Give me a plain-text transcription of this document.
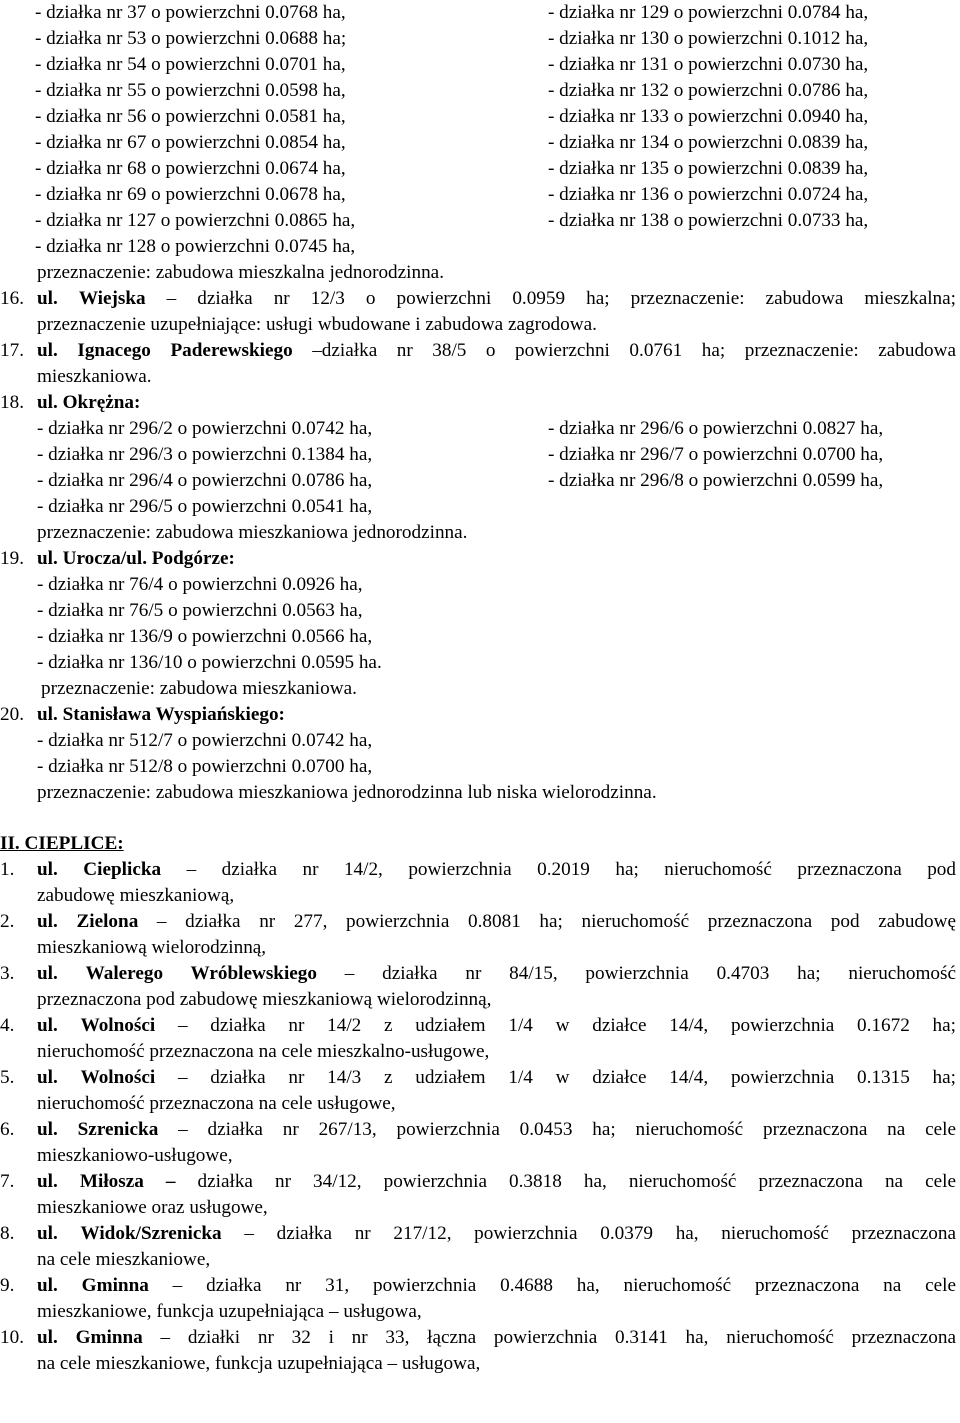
- działka nr 37 o powierzchni 0.0768 ha,	- działka nr 129 o powierzchni 0.0784 ha,
- działka nr 53 o powierzchni 0.0688 ha;	- działka nr 130 o powierzchni 0.1012 ha,
- działka nr 54 o powierzchni 0.0701 ha,	- działka nr 131 o powierzchni 0.0730 ha,
- działka nr 55 o powierzchni 0.0598 ha,	- działka nr 132 o powierzchni 0.0786 ha,
- działka nr 56 o powierzchni 0.0581 ha,	- działka nr 133 o powierzchni 0.0940 ha,
- działka nr 67 o powierzchni 0.0854 ha,	- działka nr 134 o powierzchni 0.0839 ha,
- działka nr 68 o powierzchni 0.0674 ha,	- działka nr 135 o powierzchni 0.0839 ha,
- działka nr 69 o powierzchni 0.0678 ha,	- działka nr 136 o powierzchni 0.0724 ha,
- działka nr 127 o powierzchni 0.0865 ha,	- działka nr 138 o powierzchni 0.0733 ha,
- działka nr 128 o powierzchni 0.0745 ha,
przeznaczenie: zabudowa mieszkalna jednorodzinna.
16. ul. Wiejska – działka nr 12/3 o powierzchni 0.0959 ha; przeznaczenie: zabudowa mieszkalna;
przeznaczenie uzupełniające: usługi wbudowane i zabudowa zagrodowa.
17. ul. Ignacego Paderewskiego –działka nr 38/5 o powierzchni 0.0761 ha; przeznaczenie: zabudowa
mieszkaniowa.
18. ul. Okrężna:
- działka nr 296/2 o powierzchni 0.0742 ha,	- działka nr 296/6 o powierzchni 0.0827 ha,
- działka nr 296/3 o powierzchni 0.1384 ha,	- działka nr 296/7 o powierzchni 0.0700 ha,
- działka nr 296/4 o powierzchni 0.0786 ha,	- działka nr 296/8 o powierzchni 0.0599 ha,
- działka nr 296/5 o powierzchni 0.0541 ha,
przeznaczenie: zabudowa mieszkaniowa jednorodzinna.
19. ul. Urocza/ul. Podgórze:
- działka nr 76/4 o powierzchni 0.0926 ha,
- działka nr 76/5 o powierzchni 0.0563 ha,
- działka nr 136/9 o powierzchni 0.0566 ha,
- działka nr 136/10 o powierzchni 0.0595 ha.
przeznaczenie: zabudowa mieszkaniowa.
20. ul. Stanisława Wyspiańskiego:
- działka nr 512/7 o powierzchni 0.0742 ha,
- działka nr 512/8 o powierzchni 0.0700 ha,
przeznaczenie: zabudowa mieszkaniowa jednorodzinna lub niska wielorodzinna.
II. CIEPLICE:
1. ul. Cieplicka – działka nr 14/2, powierzchnia 0.2019 ha; nieruchomość przeznaczona pod
zabudowę mieszkaniową,
2. ul. Zielona – działka nr 277, powierzchnia 0.8081 ha; nieruchomość przeznaczona pod zabudowę
mieszkaniową wielorodzinną,
3. ul. Walerego Wróblewskiego – działka nr 84/15, powierzchnia 0.4703 ha; nieruchomość
przeznaczona pod zabudowę mieszkaniową wielorodzinną,
4. ul. Wolności – działka nr 14/2 z udziałem 1/4 w działce 14/4, powierzchnia 0.1672 ha;
nieruchomość przeznaczona na cele mieszkalno-usługowe,
5. ul. Wolności – działka nr 14/3 z udziałem 1/4 w działce 14/4, powierzchnia 0.1315 ha;
nieruchomość przeznaczona na cele usługowe,
6. ul. Szrenicka – działka nr 267/13, powierzchnia 0.0453 ha; nieruchomość przeznaczona na cele
mieszkaniowo-usługowe,
7. ul. Miłosza – działka nr 34/12, powierzchnia 0.3818 ha, nieruchomość przeznaczona na cele
mieszkaniowe oraz usługowe,
8. ul. Widok/Szrenicka – działka nr 217/12, powierzchnia 0.0379 ha, nieruchomość przeznaczona
na cele mieszkaniowe,
9. ul. Gminna – działka nr 31, powierzchnia 0.4688 ha, nieruchomość przeznaczona na cele
mieszkaniowe, funkcja uzupełniająca – usługowa,
10. ul. Gminna – działki nr 32 i nr 33, łączna powierzchnia 0.3141 ha, nieruchomość przeznaczona
na cele mieszkaniowe, funkcja uzupełniająca – usługowa,
